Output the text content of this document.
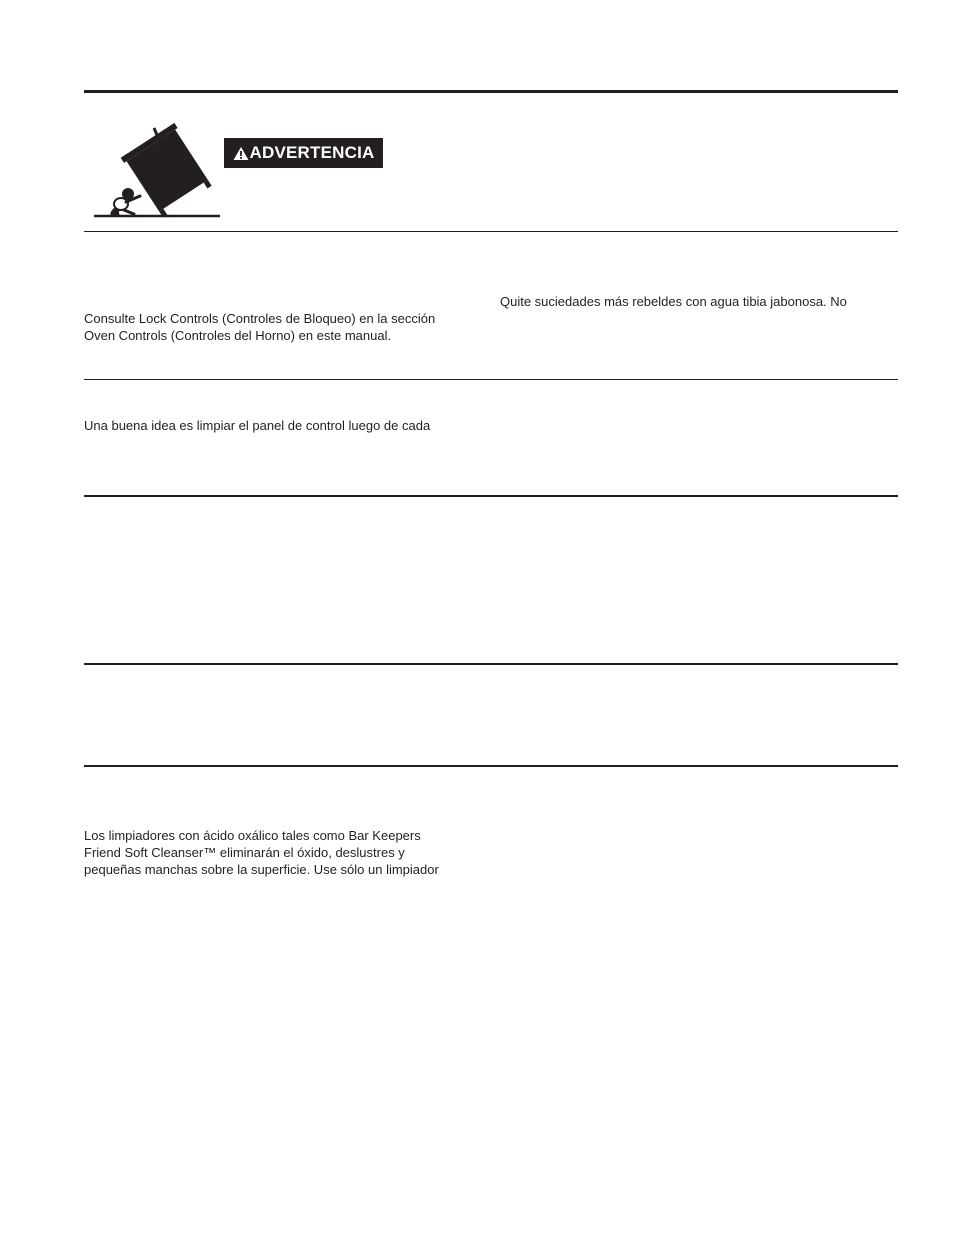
ADVERTENCIA
Consulte Lock Controls (Controles de Bloqueo) en la sección
Oven Controls (Controles del Horno) en este manual.
Quite suciedades más rebeldes con agua tibia jabonosa. No
Una buena idea es limpiar el panel de control luego de cada
Los limpiadores con ácido oxálico tales como Bar Keepers
Friend Soft Cleanser™ eliminarán el óxido, deslustres y
pequeñas manchas sobre la superficie. Use sólo un limpiador
